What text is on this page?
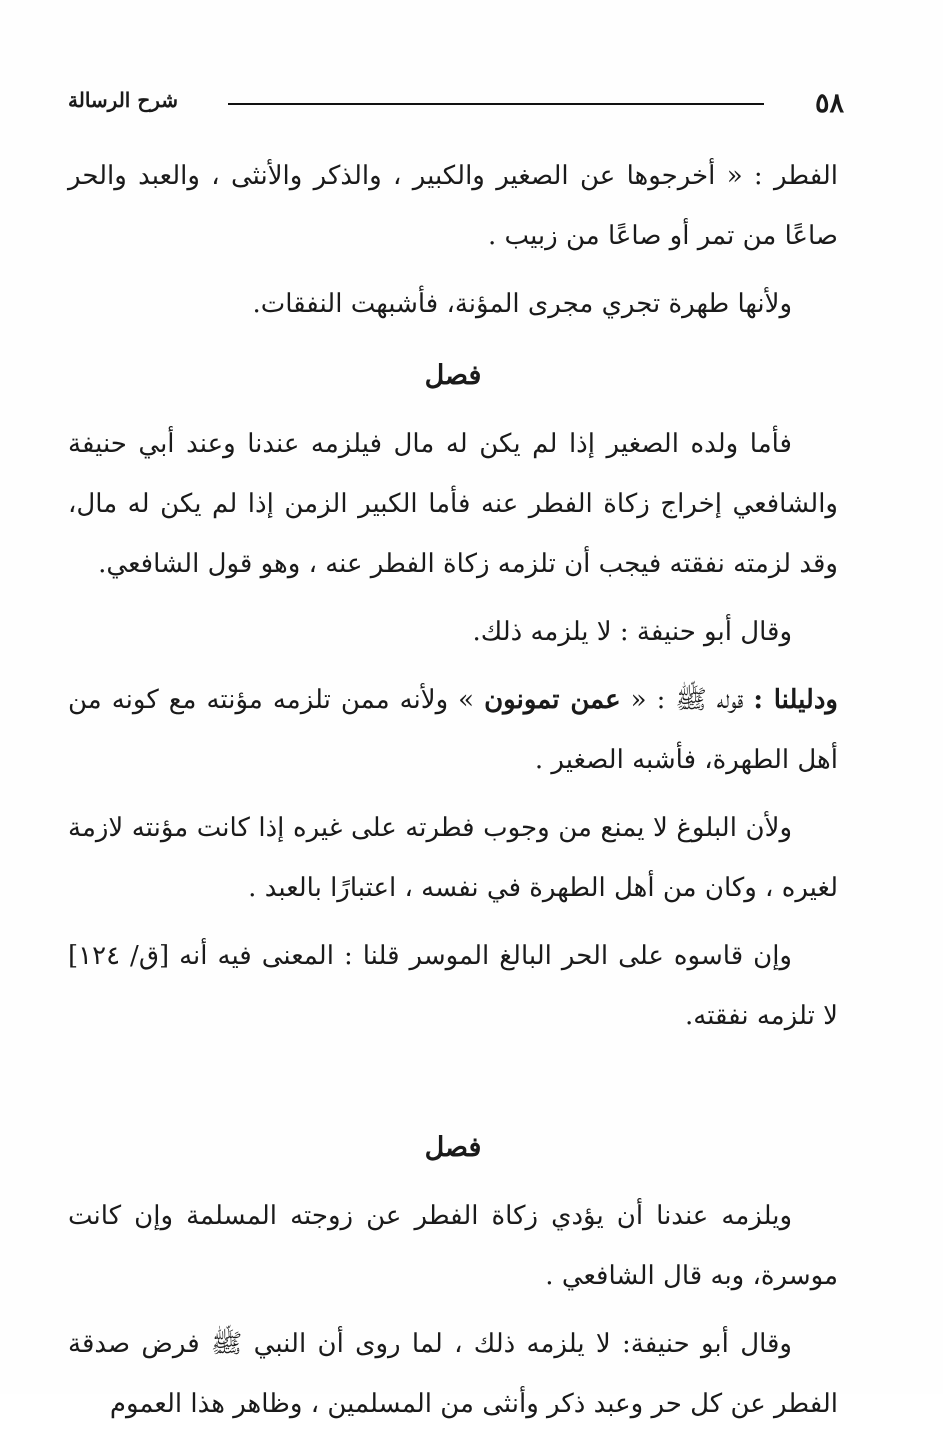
٥٨
شرح الرسالة

الفطر : « أخرجوها عن الصغير والكبير ، والذكر والأنثى ، والعبد والحر صاعًا من تمر أو صاعًا من زبيب .

ولأنها طهرة تجري مجرى المؤنة، فأشبهت النفقات.

فصل

فأما ولده الصغير إذا لم يكن له مال فيلزمه عندنا وعند أبي حنيفة والشافعي إخراج زكاة الفطر عنه فأما الكبير الزمن إذا لم يكن له مال، وقد لزمته نفقته فيجب أن تلزمه زكاة الفطر عنه ، وهو قول الشافعي.

وقال أبو حنيفة : لا يلزمه ذلك.

ودليلنا : قوله ﷺ : « عمن تمونون » ولأنه ممن تلزمه مؤنته مع كونه من أهل الطهرة، فأشبه الصغير .

ولأن البلوغ لا يمنع من وجوب فطرته على غيره إذا كانت مؤنته لازمة لغيره ، وكان من أهل الطهرة في نفسه ، اعتبارًا بالعبد .

وإن قاسوه على الحر البالغ الموسر قلنا : المعنى فيه أنه [ق/ ١٢٤] لا تلزمه نفقته.

فصل

ويلزمه عندنا أن يؤدي زكاة الفطر عن زوجته المسلمة وإن كانت موسرة، وبه قال الشافعي .

وقال أبو حنيفة: لا يلزمه ذلك ، لما روى أن النبي ﷺ فرض صدقة الفطر عن كل حر وعبد ذكر وأنثى من المسلمين ، وظاهر هذا العموم
